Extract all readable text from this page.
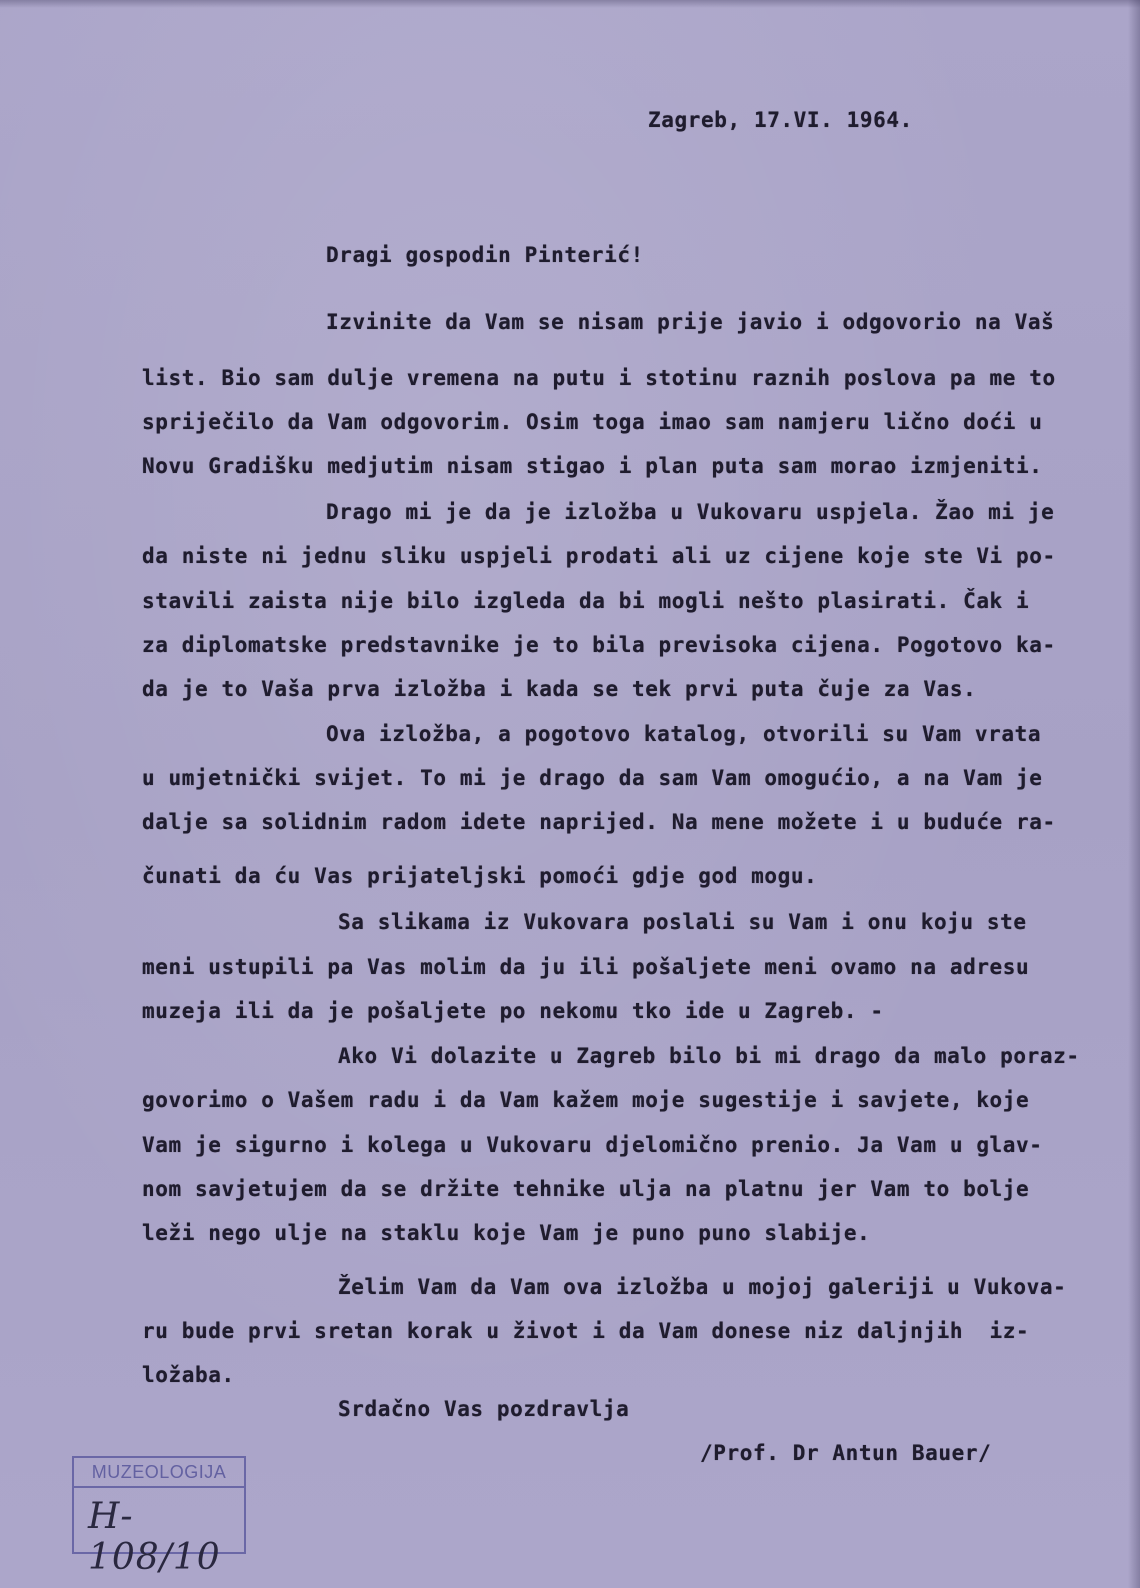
Zagreb, 17.VI. 1964.
Dragi gospodin Pinterić!
Izvinite da Vam se nisam prije javio i odgovorio na Vaš
list. Bio sam dulje vremena na putu i stotinu raznih poslova pa me to
spriječilo da Vam odgovorim. Osim toga imao sam namjeru lično doći u
Novu Gradišku medjutim nisam stigao i plan puta sam morao izmjeniti.
Drago mi je da je izložba u Vukovaru uspjela. Žao mi je
da niste ni jednu sliku uspjeli prodati ali uz cijene koje ste Vi po-
stavili zaista nije bilo izgleda da bi mogli nešto plasirati. Čak i
za diplomatske predstavnike je to bila previsoka cijena. Pogotovo ka-
da je to Vaša prva izložba i kada se tek prvi puta čuje za Vas.
Ova izložba, a pogotovo katalog, otvorili su Vam vrata
u umjetnički svijet. To mi je drago da sam Vam omogućio, a na Vam je
dalje sa solidnim radom idete naprijed. Na mene možete i u buduće ra-
čunati da ću Vas prijateljski pomoći gdje god mogu.
Sa slikama iz Vukovara poslali su Vam i onu koju ste
meni ustupili pa Vas molim da ju ili pošaljete meni ovamo na adresu
muzeja ili da je pošaljete po nekomu tko ide u Zagreb. -
Ako Vi dolazite u Zagreb bilo bi mi drago da malo poraz-
govorimo o Vašem radu i da Vam kažem moje sugestije i savjete, koje
Vam je sigurno i kolega u Vukovaru djelomično prenio. Ja Vam u glav-
nom savjetujem da se držite tehnike ulja na platnu jer Vam to bolje
leži nego ulje na staklu koje Vam je puno puno slabije.
Želim Vam da Vam ova izložba u mojoj galeriji u Vukova-
ru bude prvi sretan korak u život i da Vam donese niz daljnjih  iz-
ložaba.
Srdačno Vas pozdravlja
/Prof. Dr Antun Bauer/
MUZEOLOGIJA
H-108/10
